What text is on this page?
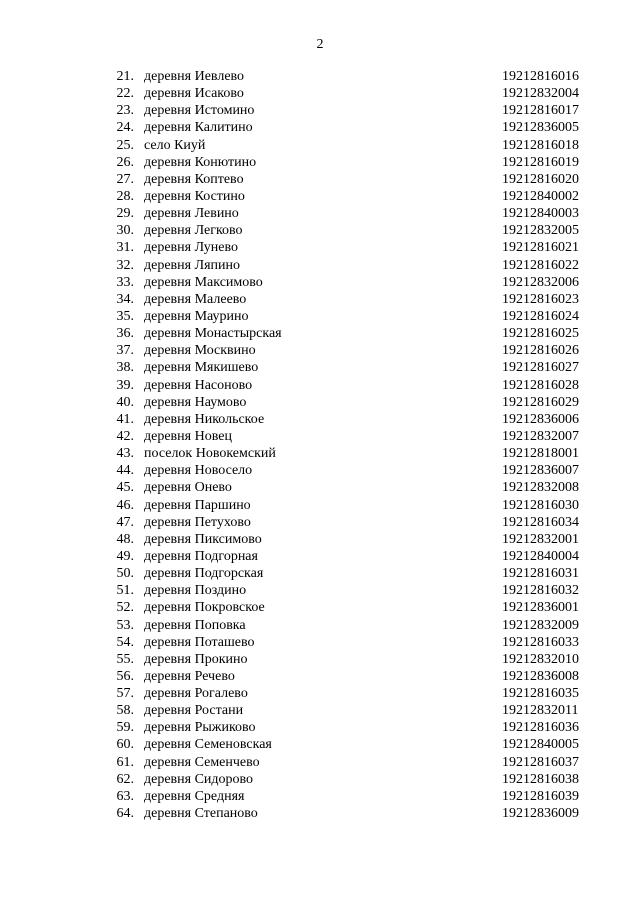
2
21. деревня Иевлево	19212816016
22. деревня Исаково	19212832004
23. деревня Истомино	19212816017
24. деревня Калитино	19212836005
25. село Киуй	19212816018
26. деревня Конютино	19212816019
27. деревня Коптево	19212816020
28. деревня Костино	19212840002
29. деревня Левино	19212840003
30. деревня Легково	19212832005
31. деревня Лунево	19212816021
32. деревня Ляпино	19212816022
33. деревня Максимово	19212832006
34. деревня Малеево	19212816023
35. деревня Маурино	19212816024
36. деревня Монастырская	19212816025
37. деревня Москвино	19212816026
38. деревня Мякишево	19212816027
39. деревня Насоново	19212816028
40. деревня Наумово	19212816029
41. деревня Никольское	19212836006
42. деревня Новец	19212832007
43. поселок Новокемский	19212818001
44. деревня Новосело	19212836007
45. деревня Онево	19212832008
46. деревня Паршино	19212816030
47. деревня Петухово	19212816034
48. деревня Пиксимово	19212832001
49. деревня Подгорная	19212840004
50. деревня Подгорская	19212816031
51. деревня Поздино	19212816032
52. деревня Покровское	19212836001
53. деревня Поповка	19212832009
54. деревня Поташево	19212816033
55. деревня Прокино	19212832010
56. деревня Речево	19212836008
57. деревня Рогалево	19212816035
58. деревня Ростани	19212832011
59. деревня Рыжиково	19212816036
60. деревня Семеновская	19212840005
61. деревня Семенчево	19212816037
62. деревня Сидорово	19212816038
63. деревня Средняя	19212816039
64. деревня Степаново	19212836009
